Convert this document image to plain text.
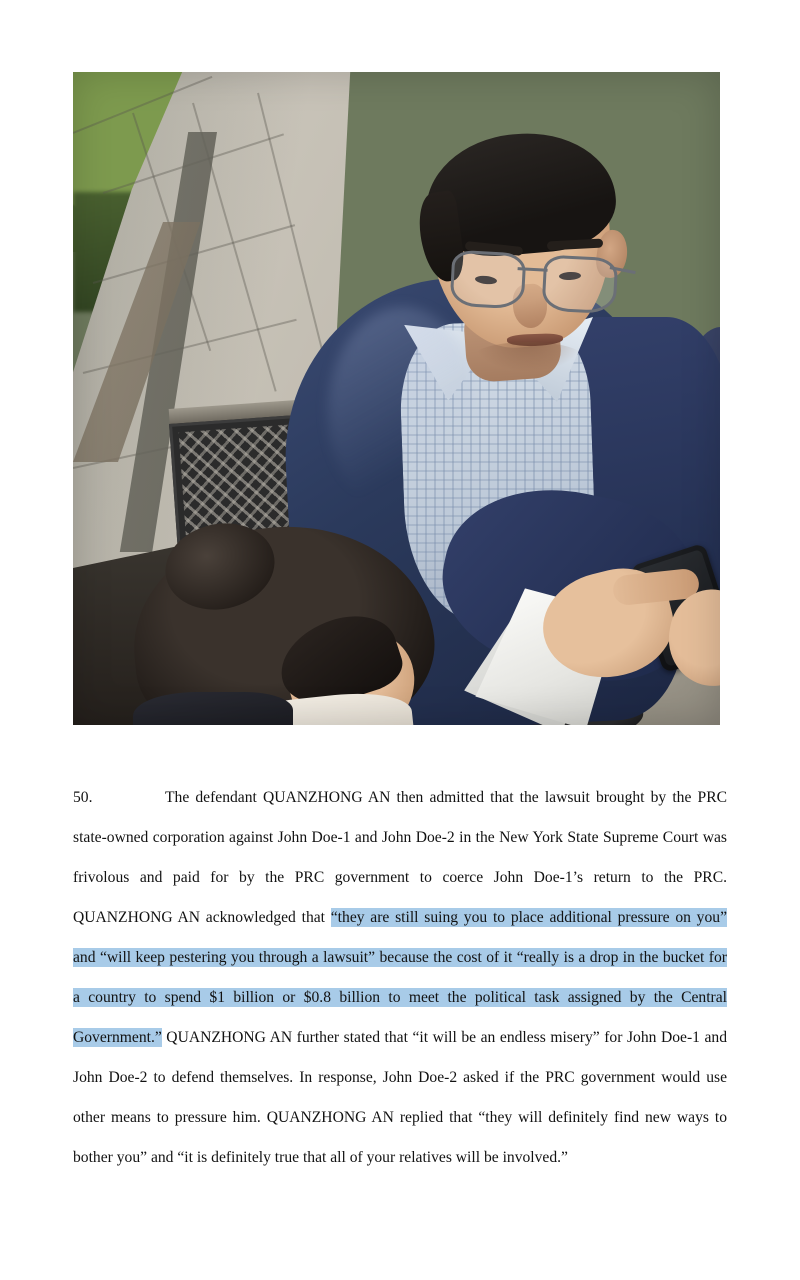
50.	The defendant QUANZHONG AN then admitted that the lawsuit brought by the PRC state-owned corporation against John Doe-1 and John Doe-2 in the New York State Supreme Court was frivolous and paid for by the PRC government to coerce John Doe-1’s return to the PRC. QUANZHONG AN acknowledged that “they are still suing you to place additional pressure on you” and “will keep pestering you through a lawsuit” because the cost of it “really is a drop in the bucket for a country to spend $1 billion or $0.8 billion to meet the political task assigned by the Central Government.” QUANZHONG AN further stated that “it will be an endless misery” for John Doe-1 and John Doe-2 to defend themselves. In response, John Doe-2 asked if the PRC government would use other means to pressure him. QUANZHONG AN replied that “they will definitely find new ways to bother you” and “it is definitely true that all of your relatives will be involved.”
